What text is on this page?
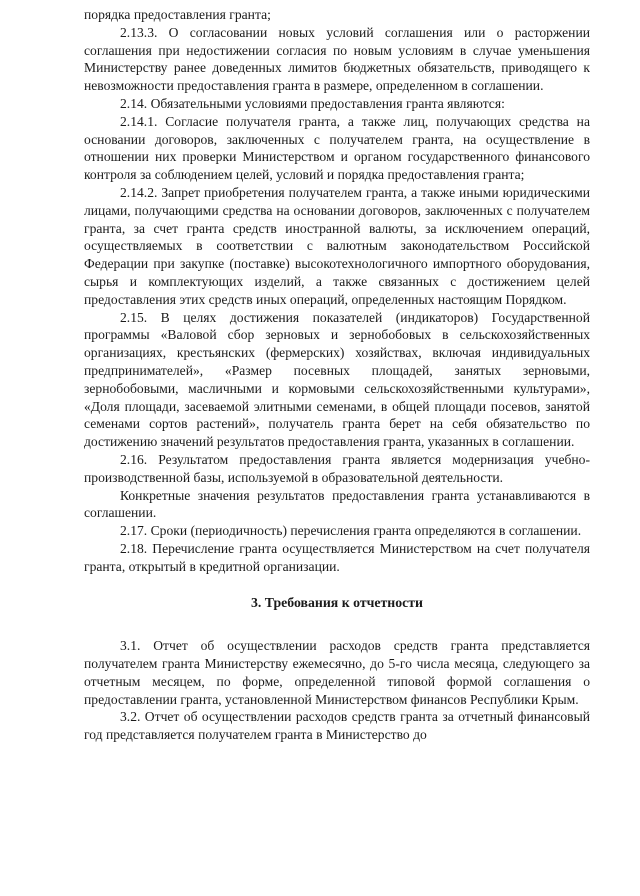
порядка предоставления гранта;

2.13.3. О согласовании новых условий соглашения или о расторжении соглашения при недостижении согласия по новым условиям в случае уменьшения Министерству ранее доведенных лимитов бюджетных обязательств, приводящего к невозможности предоставления гранта в размере, определенном в соглашении.

2.14. Обязательными условиями предоставления гранта являются:

2.14.1. Согласие получателя гранта, а также лиц, получающих средства на основании договоров, заключенных с получателем гранта, на осуществление в отношении них проверки Министерством и органом государственного финансового контроля за соблюдением целей, условий и порядка предоставления гранта;

2.14.2. Запрет приобретения получателем гранта, а также иными юридическими лицами, получающими средства на основании договоров, заключенных с получателем гранта, за счет гранта средств иностранной валюты, за исключением операций, осуществляемых в соответствии с валютным законодательством Российской Федерации при закупке (поставке) высокотехнологичного импортного оборудования, сырья и комплектующих изделий, а также связанных с достижением целей предоставления этих средств иных операций, определенных настоящим Порядком.

2.15. В целях достижения показателей (индикаторов) Государственной программы «Валовой сбор зерновых и зернобобовых в сельскохозяйственных организациях, крестьянских (фермерских) хозяйствах, включая индивидуальных предпринимателей», «Размер посевных площадей, занятых зерновыми, зернобобовыми, масличными и кормовыми сельскохозяйственными культурами», «Доля площади, засеваемой элитными семенами, в общей площади посевов, занятой семенами сортов растений», получатель гранта берет на себя обязательство по достижению значений результатов предоставления гранта, указанных в соглашении.

2.16. Результатом предоставления гранта является модернизация учебно-производственной базы, используемой в образовательной деятельности.

Конкретные значения результатов предоставления гранта устанавливаются в соглашении.

2.17. Сроки (периодичность) перечисления гранта определяются в соглашении.

2.18. Перечисление гранта осуществляется Министерством на счет получателя гранта, открытый в кредитной организации.

3. Требования к отчетности

3.1. Отчет об осуществлении расходов средств гранта представляется получателем гранта Министерству ежемесячно, до 5-го числа месяца, следующего за отчетным месяцем, по форме, определенной типовой формой соглашения о предоставлении гранта, установленной Министерством финансов Республики Крым.

3.2. Отчет об осуществлении расходов средств гранта за отчетный финансовый год представляется получателем гранта в Министерство до
